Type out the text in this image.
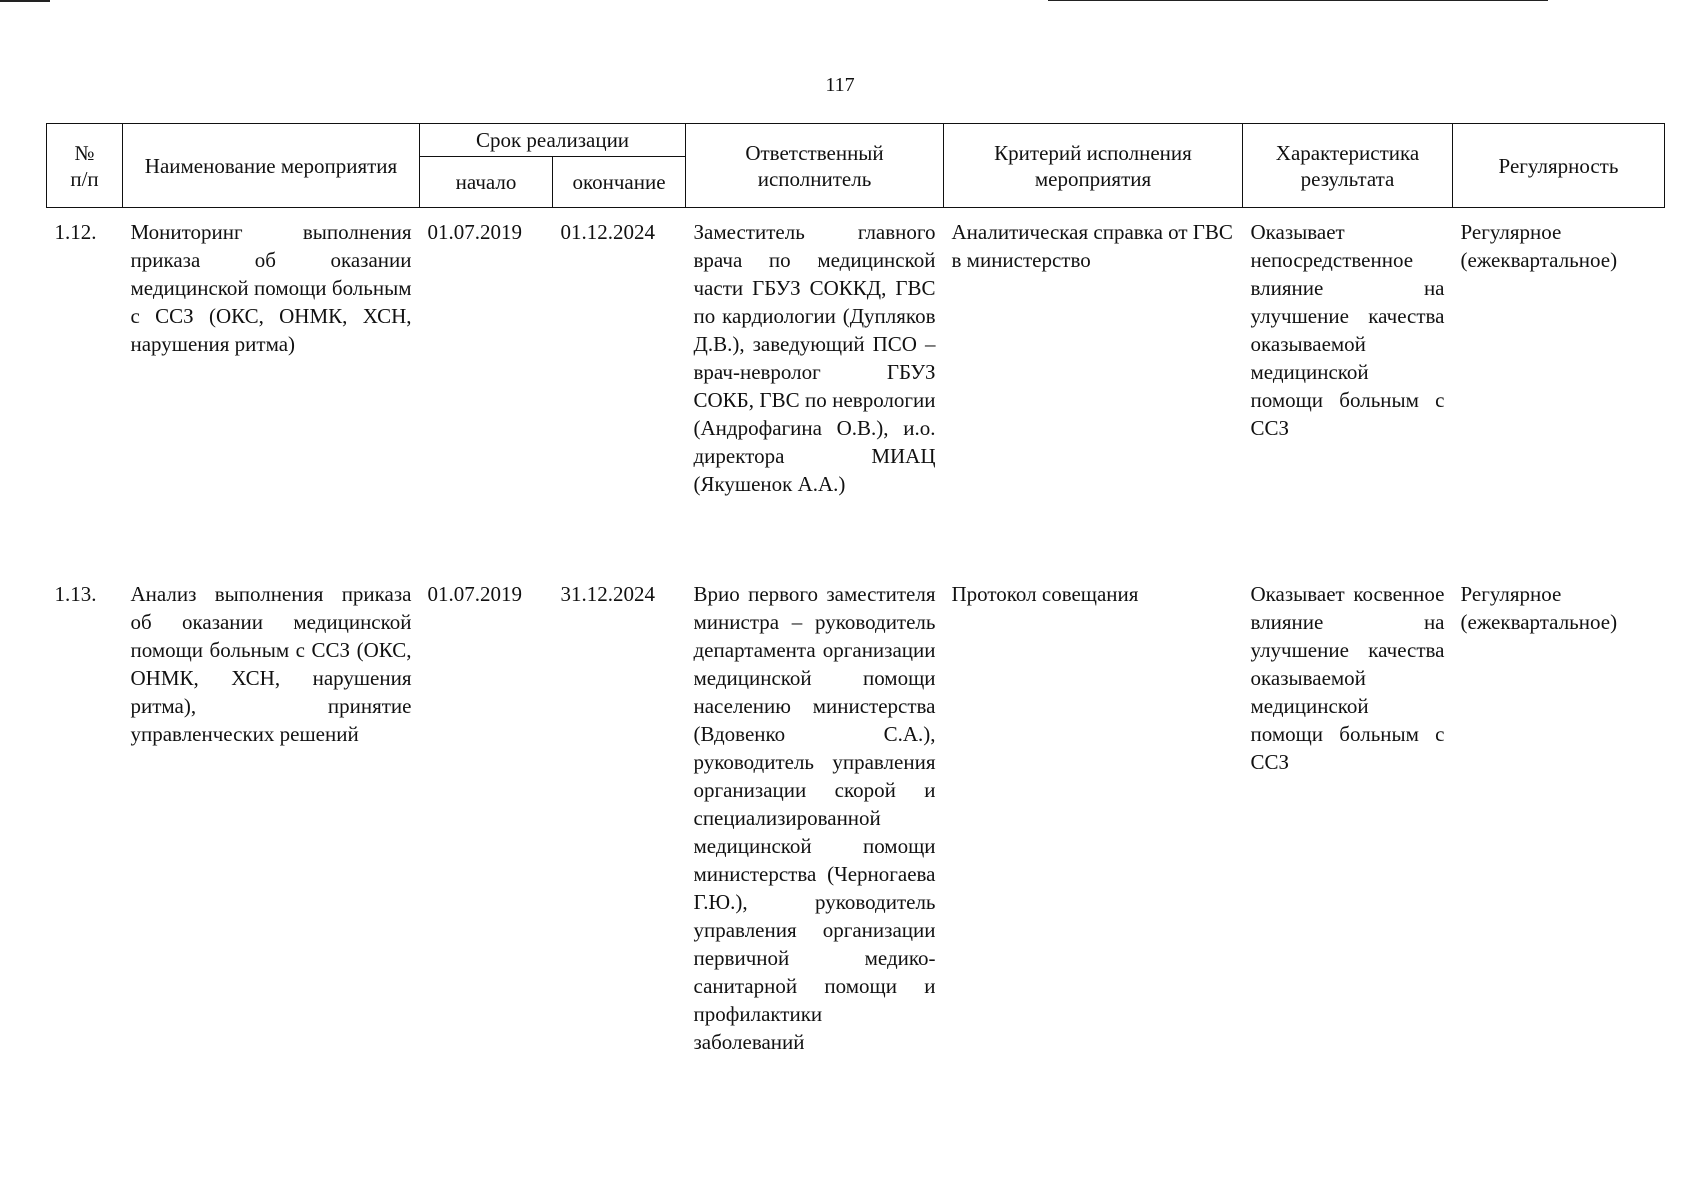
117
№
п/п	Наименование мероприятия	Срок реализации		Ответственный исполнитель	Критерий исполнения мероприятия	Характеристика результата	Регулярность
		начало	окончание				
1.12.	Мониторинг выполнения приказа об оказании медицинской помощи больным с ССЗ (ОКС, ОНМК, ХСН, нарушения ритма)	01.07.2019	01.12.2024	Заместитель главного врача по медицинской части ГБУЗ СОККД, ГВС по кардиологии (Дупляков Д.В.), заведующий ПСО – врач-невролог ГБУЗ СОКБ, ГВС по неврологии (Андрофагина О.В.), и.о. директора МИАЦ (Якушенок А.А.)	Аналитическая справка от ГВС в министерство	Оказывает непосредственное влияние на улучшение качества оказываемой медицинской помощи больным с ССЗ	Регулярное (ежеквартальное)
1.13.	Анализ выполнения приказа об оказании медицинской помощи больным с ССЗ (ОКС, ОНМК, ХСН, нарушения ритма), принятие управленческих решений	01.07.2019	31.12.2024	Врио первого заместителя министра – руководитель департамента организации медицинской помощи населению министерства (Вдовенко С.А.), руководитель управления организации скорой и специализированной медицинской помощи министерства (Черногаева Г.Ю.), руководитель управления организации первичной медико-санитарной помощи и профилактики заболеваний	Протокол совещания	Оказывает косвенное влияние на улучшение качества оказываемой медицинской помощи больным с ССЗ	Регулярное (ежеквартальное)
